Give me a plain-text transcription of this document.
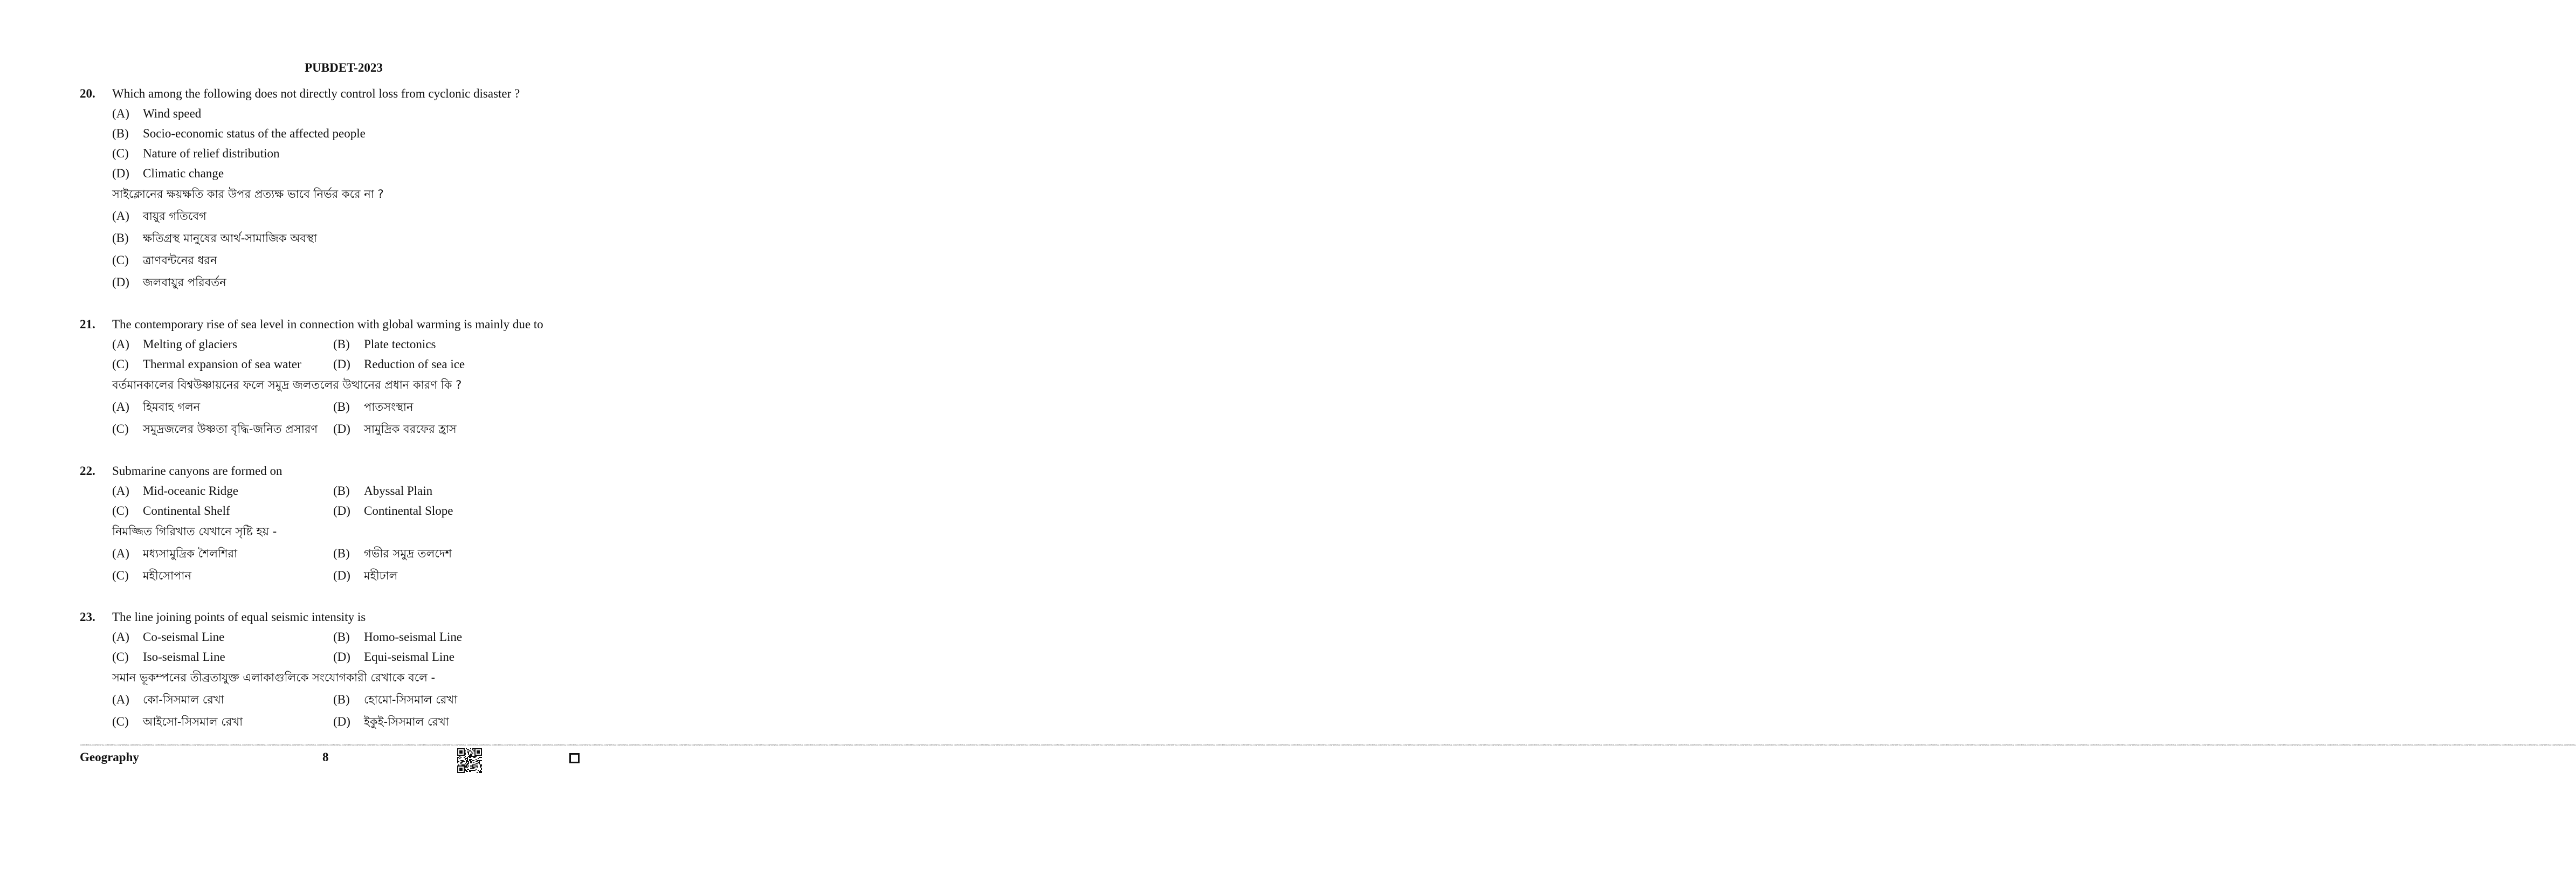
PUBDET-2023
20. Which among the following does not directly control loss from cyclonic disaster ?
(A) Wind speed
(B) Socio-economic status of the affected people
(C) Nature of relief distribution
(D) Climatic change
সাইক্লোনের ক্ষয়ক্ষতি কার উপর প্রত্যক্ষ ভাবে নির্ভর করে না ?
(A) বায়ুর গতিবেগ
(B) ক্ষতিগ্রস্থ মানুষের আর্থ-সামাজিক অবস্থা
(C) ত্রাণবন্টনের ধরন
(D) জলবায়ুর পরিবর্তন
21. The contemporary rise of sea level in connection with global warming is mainly due to
(A) Melting of glaciers	(B) Plate tectonics
(C) Thermal expansion of sea water	(D) Reduction of sea ice
বর্তমানকালের বিশ্বউষ্ণায়নের ফলে সমুদ্র জলতলের উত্থানের প্রধান কারণ কি ?
(A) হিমবাহ গলন	(B) পাতসংস্থান
(C) সমুদ্রজলের উষ্ণতা বৃদ্ধি-জনিত প্রসারণ (D) সামুদ্রিক বরফের হ্রাস
22. Submarine canyons are formed on
(A) Mid-oceanic Ridge	(B) Abyssal Plain
(C) Continental Shelf	(D) Continental Slope
নিমজ্জিত গিরিখাত যেখানে সৃষ্টি হয় -
(A) মধ্যসামুদ্রিক শৈলশিরা	(B) গভীর সমুদ্র তলদেশ
(C) মহীসোপান	(D) মহীঢাল
23. The line joining points of equal seismic intensity is
(A) Co-seismal Line	(B) Homo-seismal Line
(C) Iso-seismal Line	(D) Equi-seismal Line
সমান ভূকম্পনের তীব্রতাযুক্ত এলাকাগুলিকে সংযোগকারী রেখাকে বলে -
(A) কো-সিসমাল রেখা	(B) হোমো-সিসমাল রেখা
(C) আইসো-সিসমাল রেখা	(D) ইকুই-সিসমাল রেখা
CONFIDENTIAL CONFIDENTIAL CONFIDENTIAL CONFIDENTIAL CONFIDENTIAL CONFIDENTIAL CONFIDENTIAL CONFIDENTIAL CONFIDENTIAL CONFIDENTIAL CONFIDENTIAL CONFIDENTIAL CONFIDENTIAL CONFIDENTIAL CONFIDENTIAL CONFIDENTIAL CONFIDENTIAL CONFIDENTIAL CONFIDENTIAL CONFIDENTIAL CONFIDENTIAL CONFIDENTIAL CONFIDENTIAL CONFIDENTIAL CONFIDENTIAL CONFIDENTIAL CONFIDENTIAL CONFIDENTIAL CONFIDENTIAL CONFIDENTIAL CONFIDENTIAL CONFIDENTIAL CONFIDENTIAL CONFIDENTIAL CONFIDENTIAL CONFIDENTIAL CONFIDENTIAL CONFIDENTIAL CONFIDENTIAL CONFIDENTIAL CONFIDENTIAL CONFIDENTIAL CONFIDENTIAL CONFIDENTIAL CONFIDENTIAL CONFIDENTIAL CONFIDENTIAL CONFIDENTIAL CONFIDENTIAL CONFIDENTIAL CONFIDENTIAL CONFIDENTIAL CONFIDENTIAL CONFIDENTIAL CONFIDENTIAL CONFIDENTIAL CONFIDENTIAL CONFIDENTIAL CONFIDENTIAL CONFIDENTIAL CONFIDENTIAL CONFIDENTIAL CONFIDENTIAL CONFIDENTIAL CONFIDENTIAL CONFIDENTIAL CONFIDENTIAL CONFIDENTIAL CONFIDENTIAL CONFIDENTIAL CONFIDENTIAL CONFIDENTIAL CONFIDENTIAL CONFIDENTIAL CONFIDENTIAL CONFIDENTIAL CONFIDENTIAL CONFIDENTIAL CONFIDENTIAL CONFIDENTIAL CONFIDENTIAL CONFIDENTIAL CONFIDENTIAL CONFIDENTIAL CONFIDENTIAL CONFIDENTIAL CONFIDENTIAL CONFIDENTIAL CONFIDENTIAL CONFIDENTIAL CONFIDENTIAL CONFIDENTIAL CONFIDENTIAL CONFIDENTIAL CONFIDENTIAL CONFIDENTIAL CONFIDENTIAL CONFIDENTIAL CONFIDENTIAL CONFIDENTIAL CONFIDENTIAL CONFIDENTIAL CONFIDENTIAL CONFIDENTIAL CONFIDENTIAL CONFIDENTIAL CONFIDENTIAL CONFIDENTIAL CONFIDENTIAL CONFIDENTIAL CONFIDENTIAL CONFIDENTIAL CONFIDENTIAL CONFIDENTIAL CONFIDENTIAL CONFIDENTIAL CONFIDENTIAL CONFIDENTIAL CONFIDENTIAL CONFIDENTIAL CONFIDENTIAL CONFIDENTIAL CONFIDENTIAL CONFIDENTIAL CONFIDENTIAL CONFIDENTIAL CONFIDENTIAL CONFIDENTIAL CONFIDENTIAL CONFIDENTIAL CONFIDENTIAL CONFIDENTIAL CONFIDENTIAL CONFIDENTIAL CONFIDENTIAL CONFIDENTIAL CONFIDENTIAL CONFIDENTIAL CONFIDENTIAL CONFIDENTIAL CONFIDENTIAL CONFIDENTIAL CONFIDENTIAL CONFIDENTIAL CONFIDENTIAL CONFIDENTIAL CONFIDENTIAL CONFIDENTIAL CONFIDENTIAL CONFIDENTIAL CONFIDENTIAL CONFIDENTIAL CONFIDENTIAL CONFIDENTIAL CONFIDENTIAL CONFIDENTIAL CONFIDENTIAL CONFIDENTIAL CONFIDENTIAL CONFIDENTIAL CONFIDENTIAL CONFIDENTIAL CONFIDENTIAL CONFIDENTIAL CONFIDENTIAL CONFIDENTIAL CONFIDENTIAL CONFIDENTIAL CONFIDENTIAL CONFIDENTIAL CONFIDENTIAL CONFIDENTIAL CONFIDENTIAL CONFIDENTIAL CONFIDENTIAL CONFIDENTIAL CONFIDENTIAL CONFIDENTIAL CONFIDENTIAL CONFIDENTIAL CONFIDENTIAL CONFIDENTIAL CONFIDENTIAL CONFIDENTIAL CONFIDENTIAL CONFIDENTIAL CONFIDENTIAL CONFIDENTIAL CONFIDENTIAL CONFIDENTIAL CONFIDENTIAL CONFIDENTIAL CONFIDENTIAL CONFIDENTIAL CONFIDENTIAL CONFIDENTIAL CONFIDENTIAL CONFIDENTIAL CONFIDENTIAL CONFIDENTIAL
Geography	8
